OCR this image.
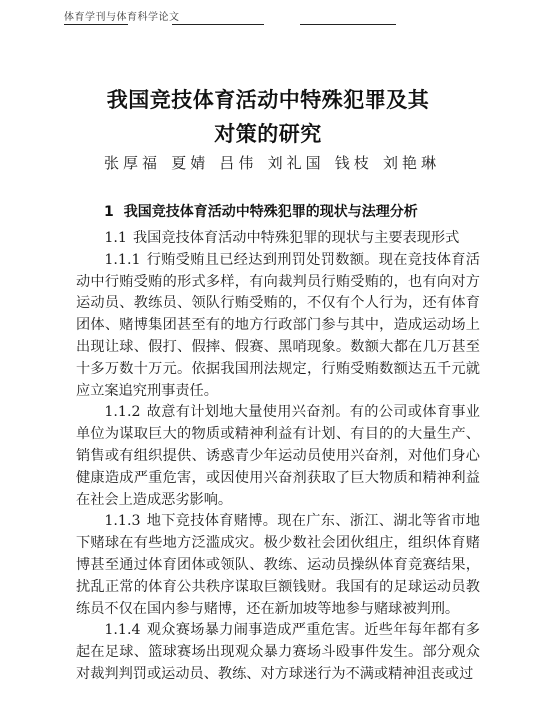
体育学刊与体育科学论文
我国竞技体育活动中特殊犯罪及其
对策的研究
张厚福 夏婧 吕伟 刘礼国 钱枝 刘艳琳
1 我国竞技体育活动中特殊犯罪的现状与法理分析

1.1 我国竞技体育活动中特殊犯罪的现状与主要表现形式

1.1.1 行贿受贿且已经达到刑罚处罚数额。现在竞技体育活动中行贿受贿的形式多样，有向裁判员行贿受贿的，也有向对方运动员、教练员、领队行贿受贿的，不仅有个人行为，还有体育团体、赌博集团甚至有的地方行政部门参与其中，造成运动场上出现让球、假打、假摔、假赛、黑哨现象。数额大都在几万甚至十多万数十万元。依据我国刑法规定，行贿受贿数额达五千元就应立案追究刑事责任。

1.1.2 故意有计划地大量使用兴奋剂。有的公司或体育事业单位为谋取巨大的物质或精神利益有计划、有目的的大量生产、销售或有组织提供、诱惑青少年运动员使用兴奋剂，对他们身心健康造成严重危害，或因使用兴奋剂获取了巨大物质和精神利益在社会上造成恶劣影响。

1.1.3 地下竞技体育赌博。现在广东、浙江、湖北等省市地下赌球在有些地方泛滥成灾。极少数社会团伙组庄，组织体育赌博甚至通过体育团体或领队、教练、运动员操纵体育竞赛结果，扰乱正常的体育公共秩序谋取巨额钱财。我国有的足球运动员教练员不仅在国内参与赌博，还在新加坡等地参与赌球被判刑。

1.1.4 观众赛场暴力闹事造成严重危害。近些年每年都有多起在足球、篮球赛场出现观众暴力赛场斗殴事件发生。部分观众对裁判判罚或运动员、教练、对方球迷行为不满或精神沮丧或过
